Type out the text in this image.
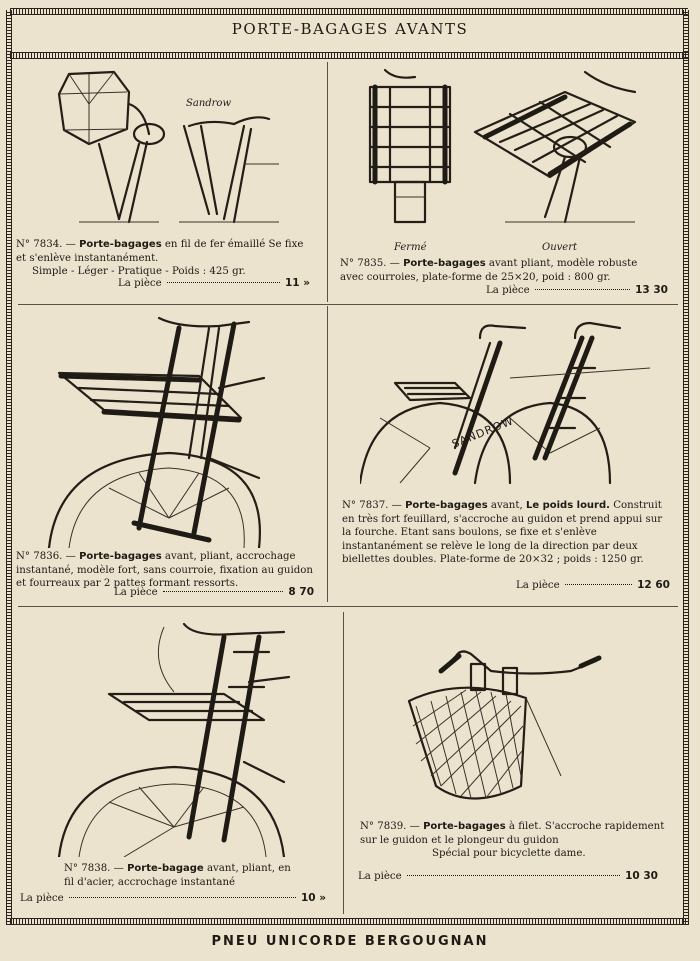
PORTE-BAGAGES AVANTS
Sandrow
N° 7834. — Porte-bagages en fil de fer émaillé Se fixe et s'enlève instantanément.
Simple - Léger - Pratique - Poids : 425 gr.
La pièce	11 »
Fermé	Ouvert
N° 7835. — Porte-bagages avant pliant, modèle robuste avec courroies, plate-forme de 25×20, poid : 800 gr.
La pièce	13 30
N° 7836. — Porte-bagages avant, pliant, accrochage instantané, modèle fort, sans courroie, fixation au guidon et fourreaux par 2 pattes formant ressorts.
La pièce	8 70
SANDROW
N° 7837. — Porte-bagages avant, Le poids lourd. Construit en très fort feuillard, s'accroche au guidon et prend appui sur la fourche. Etant sans boulons, se fixe et s'enlève instantanément se relève le long de la direction par deux biellettes doubles. Plate-forme de 20×32 ; poids : 1250 gr.
La pièce	12 60
N° 7838. — Porte-bagage avant, pliant, en fil d'acier, accrochage instantané
La pièce	10 »
N° 7839. — Porte-bagages à filet. S'accroche rapidement sur le guidon et le plongeur du guidon
Spécial pour bicyclette dame.
La pièce	10 30
PNEU UNICORDE BERGOUGNAN
